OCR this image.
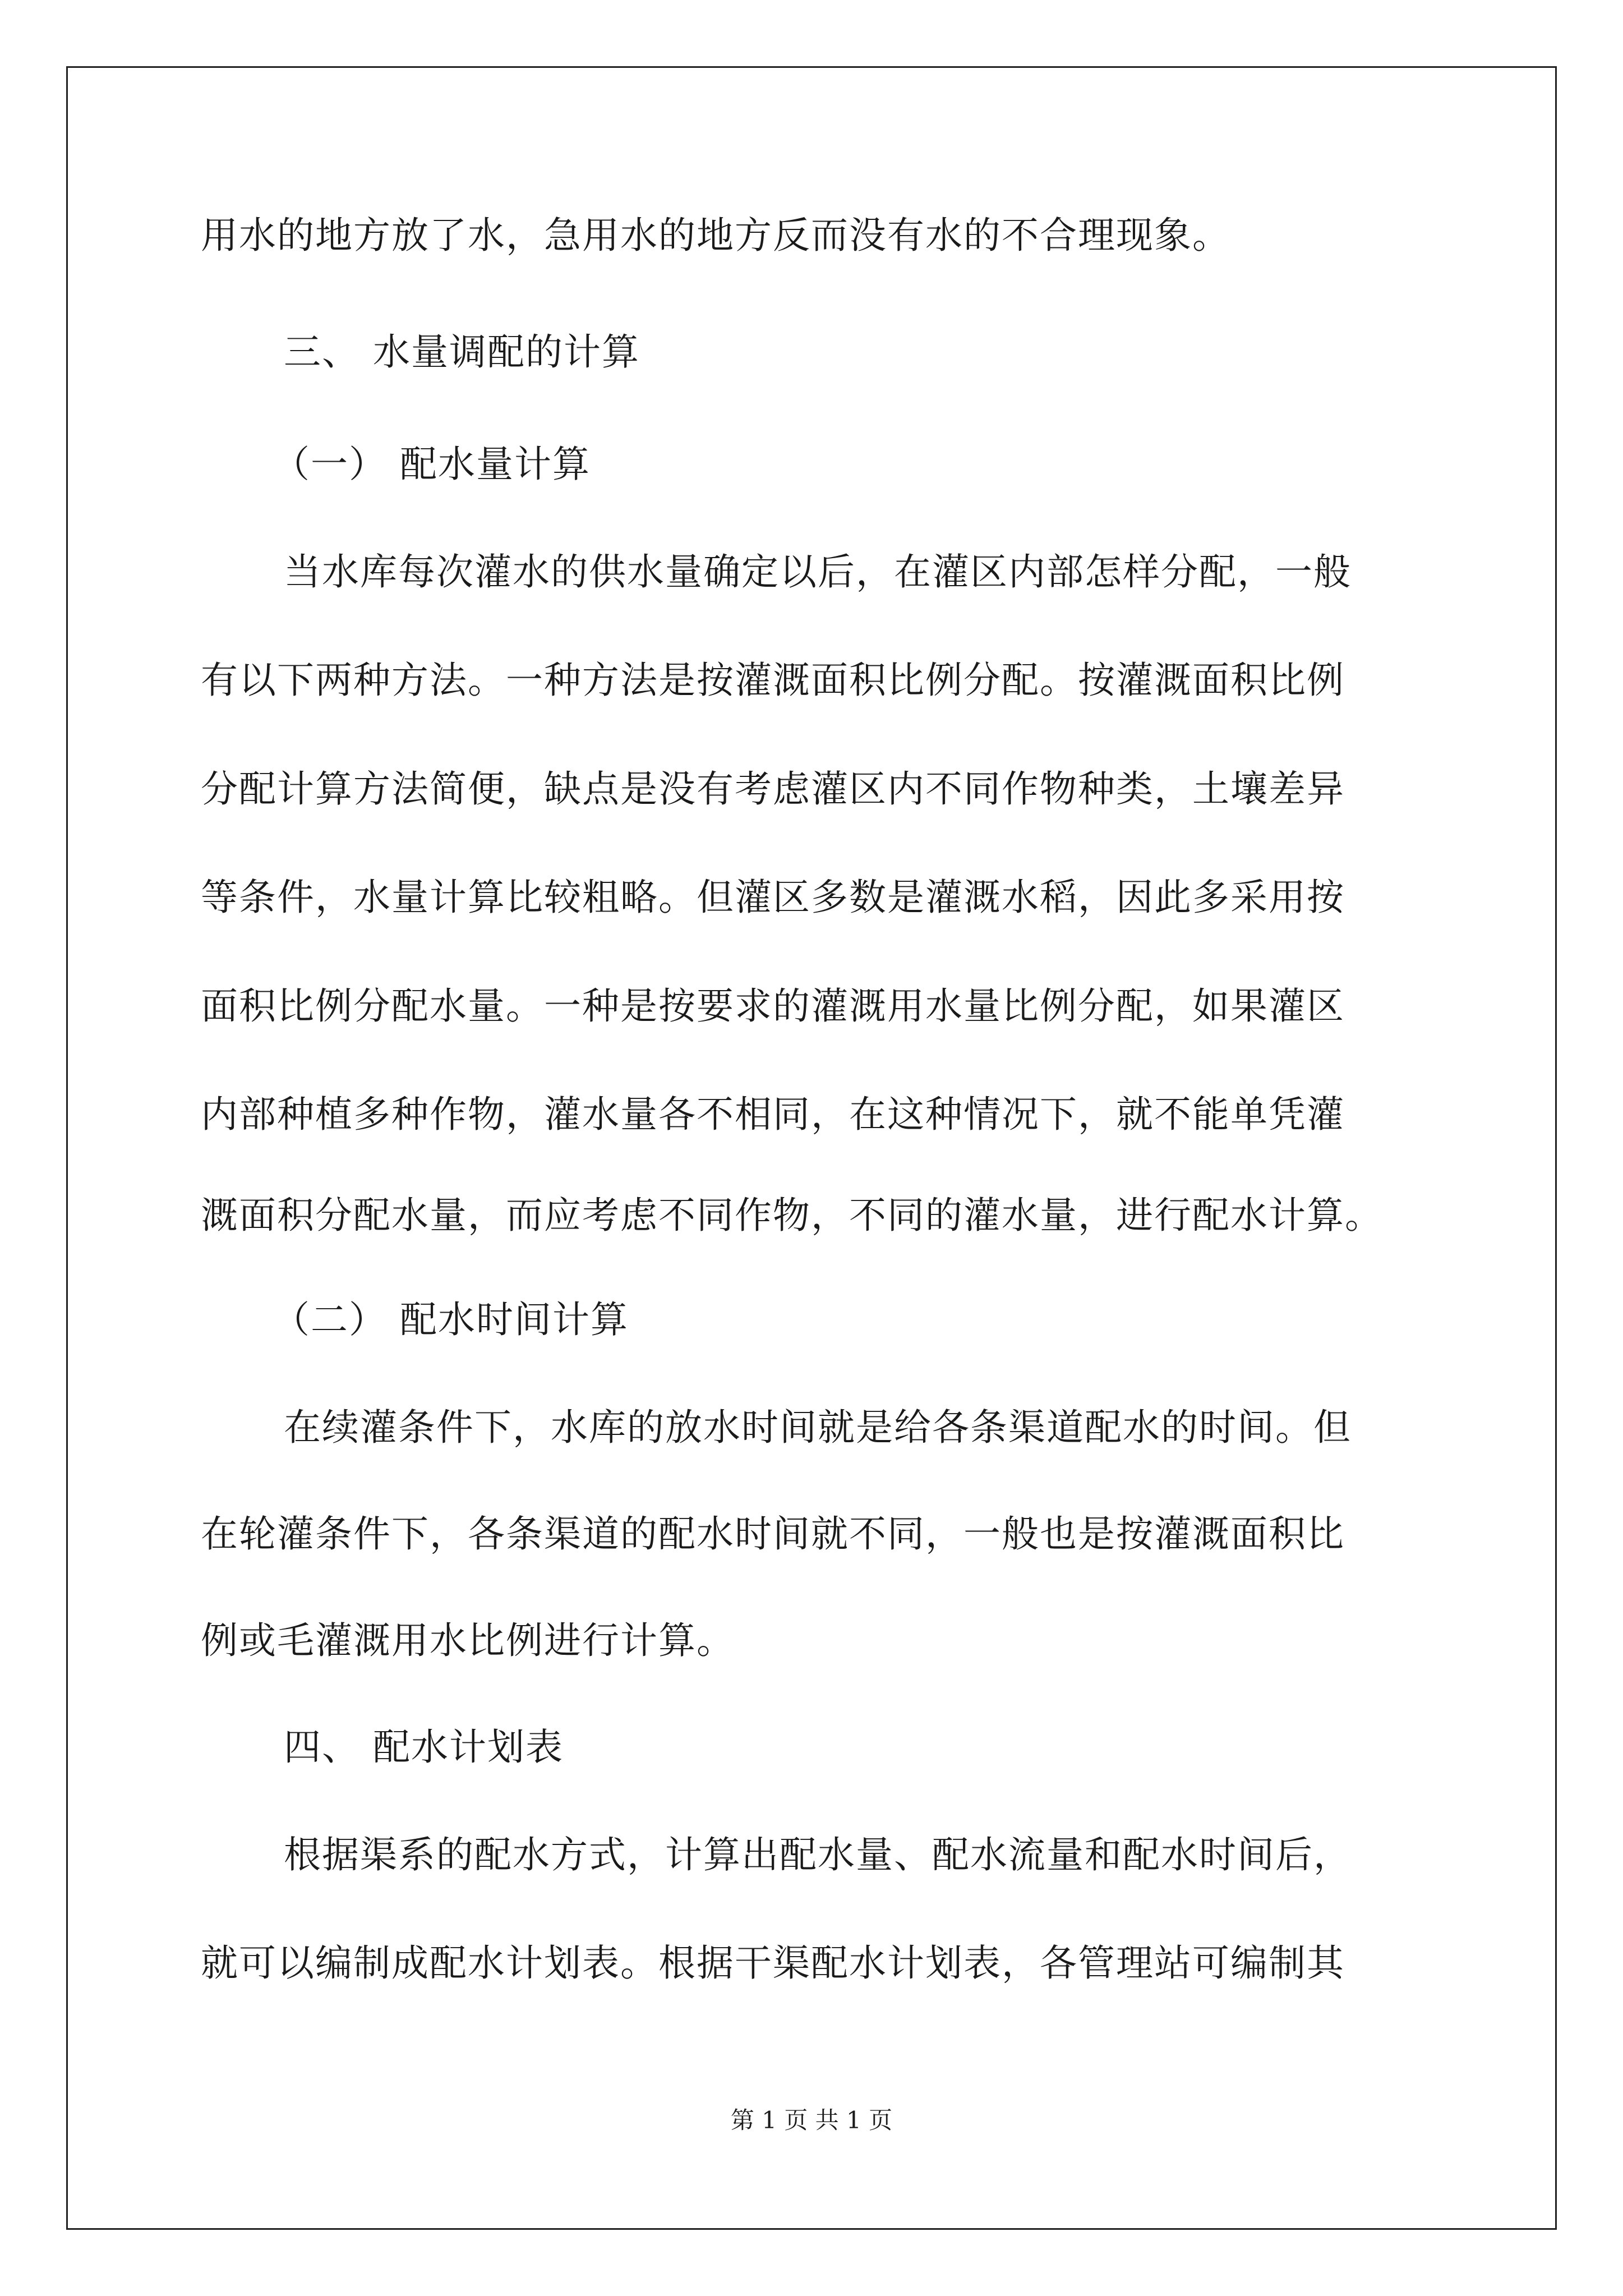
用水的地方放了水，急用水的地方反而没有水的不合理现象。
三、 水量调配的计算
（一） 配水量计算
当水库每次灌水的供水量确定以后，在灌区内部怎样分配，一般
有以下两种方法。一种方法是按灌溉面积比例分配。按灌溉面积比例
分配计算方法简便，缺点是没有考虑灌区内不同作物种类，土壤差异
等条件，水量计算比较粗略。但灌区多数是灌溉水稻，因此多采用按
面积比例分配水量。一种是按要求的灌溉用水量比例分配，如果灌区
内部种植多种作物，灌水量各不相同，在这种情况下，就不能单凭灌
溉面积分配水量，而应考虑不同作物，不同的灌水量，进行配水计算。
（二） 配水时间计算
在续灌条件下，水库的放水时间就是给各条渠道配水的时间。但
在轮灌条件下，各条渠道的配水时间就不同，一般也是按灌溉面积比
例或毛灌溉用水比例进行计算。
四、 配水计划表
根据渠系的配水方式，计算出配水量、配水流量和配水时间后，
就可以编制成配水计划表。根据干渠配水计划表，各管理站可编制其
第 1 页 共 1 页
